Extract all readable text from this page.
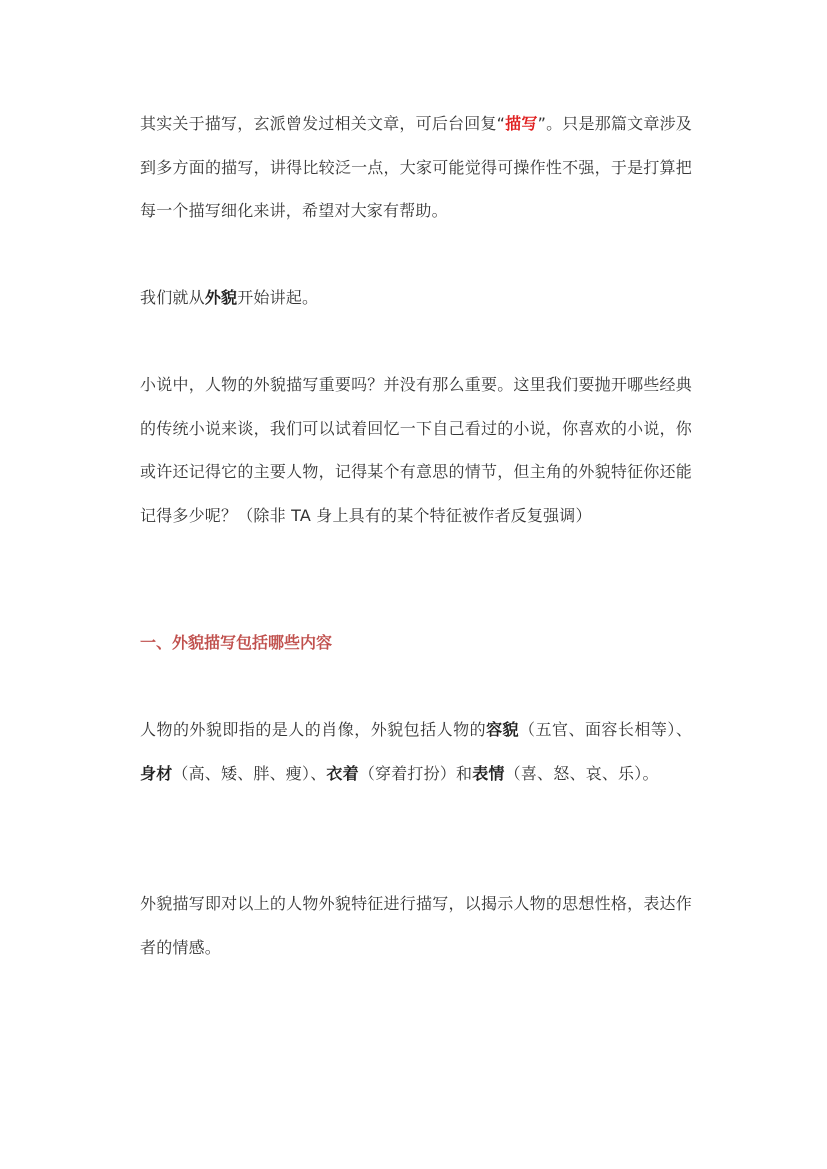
其实关于描写，玄派曾发过相关文章，可后台回复“描写”。只是那篇文章涉及到多方面的描写，讲得比较泛一点，大家可能觉得可操作性不强，于是打算把每一个描写细化来讲，希望对大家有帮助。

我们就从外貌开始讲起。

小说中，人物的外貌描写重要吗？并没有那么重要。这里我们要抛开哪些经典的传统小说来谈，我们可以试着回忆一下自己看过的小说，你喜欢的小说，你或许还记得它的主要人物，记得某个有意思的情节，但主角的外貌特征你还能记得多少呢？（除非 TA 身上具有的某个特征被作者反复强调）

一、外貌描写包括哪些内容

人物的外貌即指的是人的肖像，外貌包括人物的容貌（五官、面容长相等）、身材（高、矮、胖、瘦）、衣着（穿着打扮）和表情（喜、怒、哀、乐）。

外貌描写即对以上的人物外貌特征进行描写，以揭示人物的思想性格，表达作者的情感。
